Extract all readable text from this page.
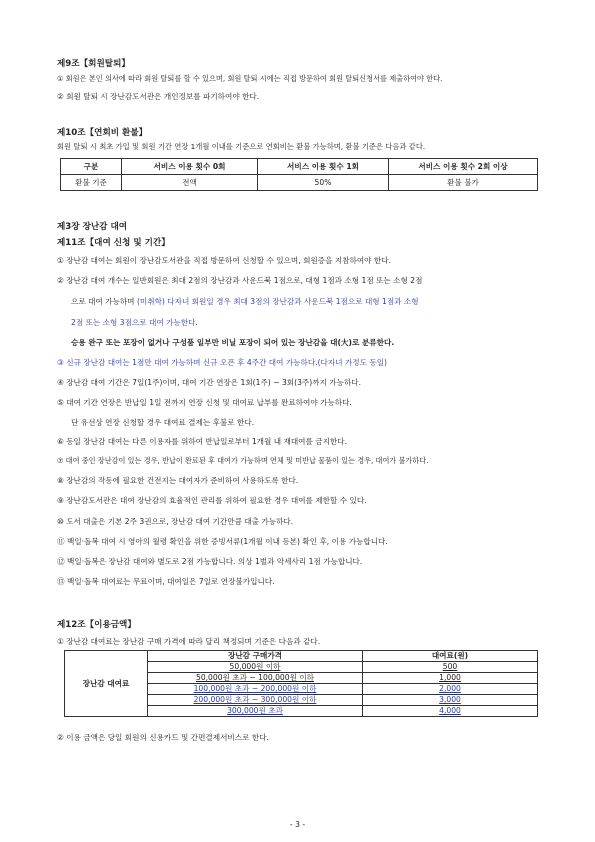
제9조【회원탈퇴】
① 회원은 본인 의사에 따라 회원 탈퇴를 할 수 있으며, 회원 탈퇴 시에는 직접 방문하여 회원 탈퇴신청서를 제출하여야 한다.
② 회원 탈퇴 시 장난감도서관은 개인정보를 파기하여야 한다.
제10조【연회비 환불】
회원 탈퇴 시 최초 가입 및 회원 기간 연장 1개월 이내를 기준으로 연회비는 환불 가능하며, 환불 기준은 다음과 같다.
구분	서비스 이용 횟수 0회	서비스 이용 횟수 1회	서비스 이용 횟수 2회 이상
환불 기준	전액	50%	환불 불가
제3장 장난감 대여
제11조【대여 신청 및 기간】
① 장난감 대여는 회원이 장난감도서관을 직접 방문하여 신청할 수 있으며, 회원증을 지참하여야 한다.
② 장난감 대여 개수는 일반회원은 최대 2점의 장난감과 사운드북 1점으로, 대형 1점과 소형 1점 또는 소형 2점
으로 대여 가능하며 (미취학) 다자녀 회원일 경우 최대 3점의 장난감과 사운드북 1점으로 대형 1점과 소형
2점 또는 소형 3점으로 대여 가능한다.
승용 완구 또는 포장이 없거나 구성품 일부만 비닐 포장이 되어 있는 장난감을 대(大)로 분류한다.
③ 신규 장난감 대여는 1점만 대여 가능하며 신규 오픈 후 4주간 대여 가능하다.(다자녀 가정도 동일)
④ 장난감 대여 기간은 7일(1주)이며, 대여 기간 연장은 1회(1주) ~ 3회(3주)까지 가능하다.
⑤ 대여 기간 연장은 반납일 1일 전까지 연장 신청 및 대여료 납부를 완료하여야 가능하다.
단 유선상 연장 신청할 경우 대여료 결제는 후불로 한다.
⑥ 동일 장난감 대여는 다른 이용자를 위하여 반납일로부터 1개월 내 재대여를 금지한다.
⑦ 대여 중인 장난감이 있는 경우, 반납이 완료된 후 대여가 가능하며 연체 및 미반납 물품이 있는 경우, 대여가 불가하다.
⑧ 장난감의 작동에 필요한 건전지는 대여자가 준비하여 사용하도록 한다.
⑨ 장난감도서관은 대여 장난감의 효율적인 관리를 위하여 필요한 경우 대여를 제한할 수 있다.
⑩ 도서 대출은 기본 2주 3권으로, 장난감 대여 기간만큼 대출 가능하다.
⑪ 백일·돌복 대여 시 영아의 월령 확인을 위한 증빙서류(1개월 이내 등본) 확인 후, 이용 가능합니다.
⑫ 백일·돌복은 장난감 대여와 별도로 2점 가능합니다. 의상 1벌과 악세사리 1점 가능합니다.
⑬ 백일·돌복 대여료는 무료이며, 대여일은 7일로 연장불가입니다.
제12조【이용금액】
① 장난감 대여료는 장난감 구매 가격에 따라 달리 책정되며 기준은 다음과 같다.
장난감 대여료	장난감 구매가격	대여료(원)
	50,000원 이하	500
	50,000원 초과 ~ 100,000원 이하	1,000
	100,000원 초과 ~ 200,000원 이하	2,000
	200,000원 초과 ~ 300,000원 이하	3,000
	300,000원 초과	4,000
② 이용 금액은 당일 회원의 신용카드 및 간편결제서비스로 한다.
- 3 -
